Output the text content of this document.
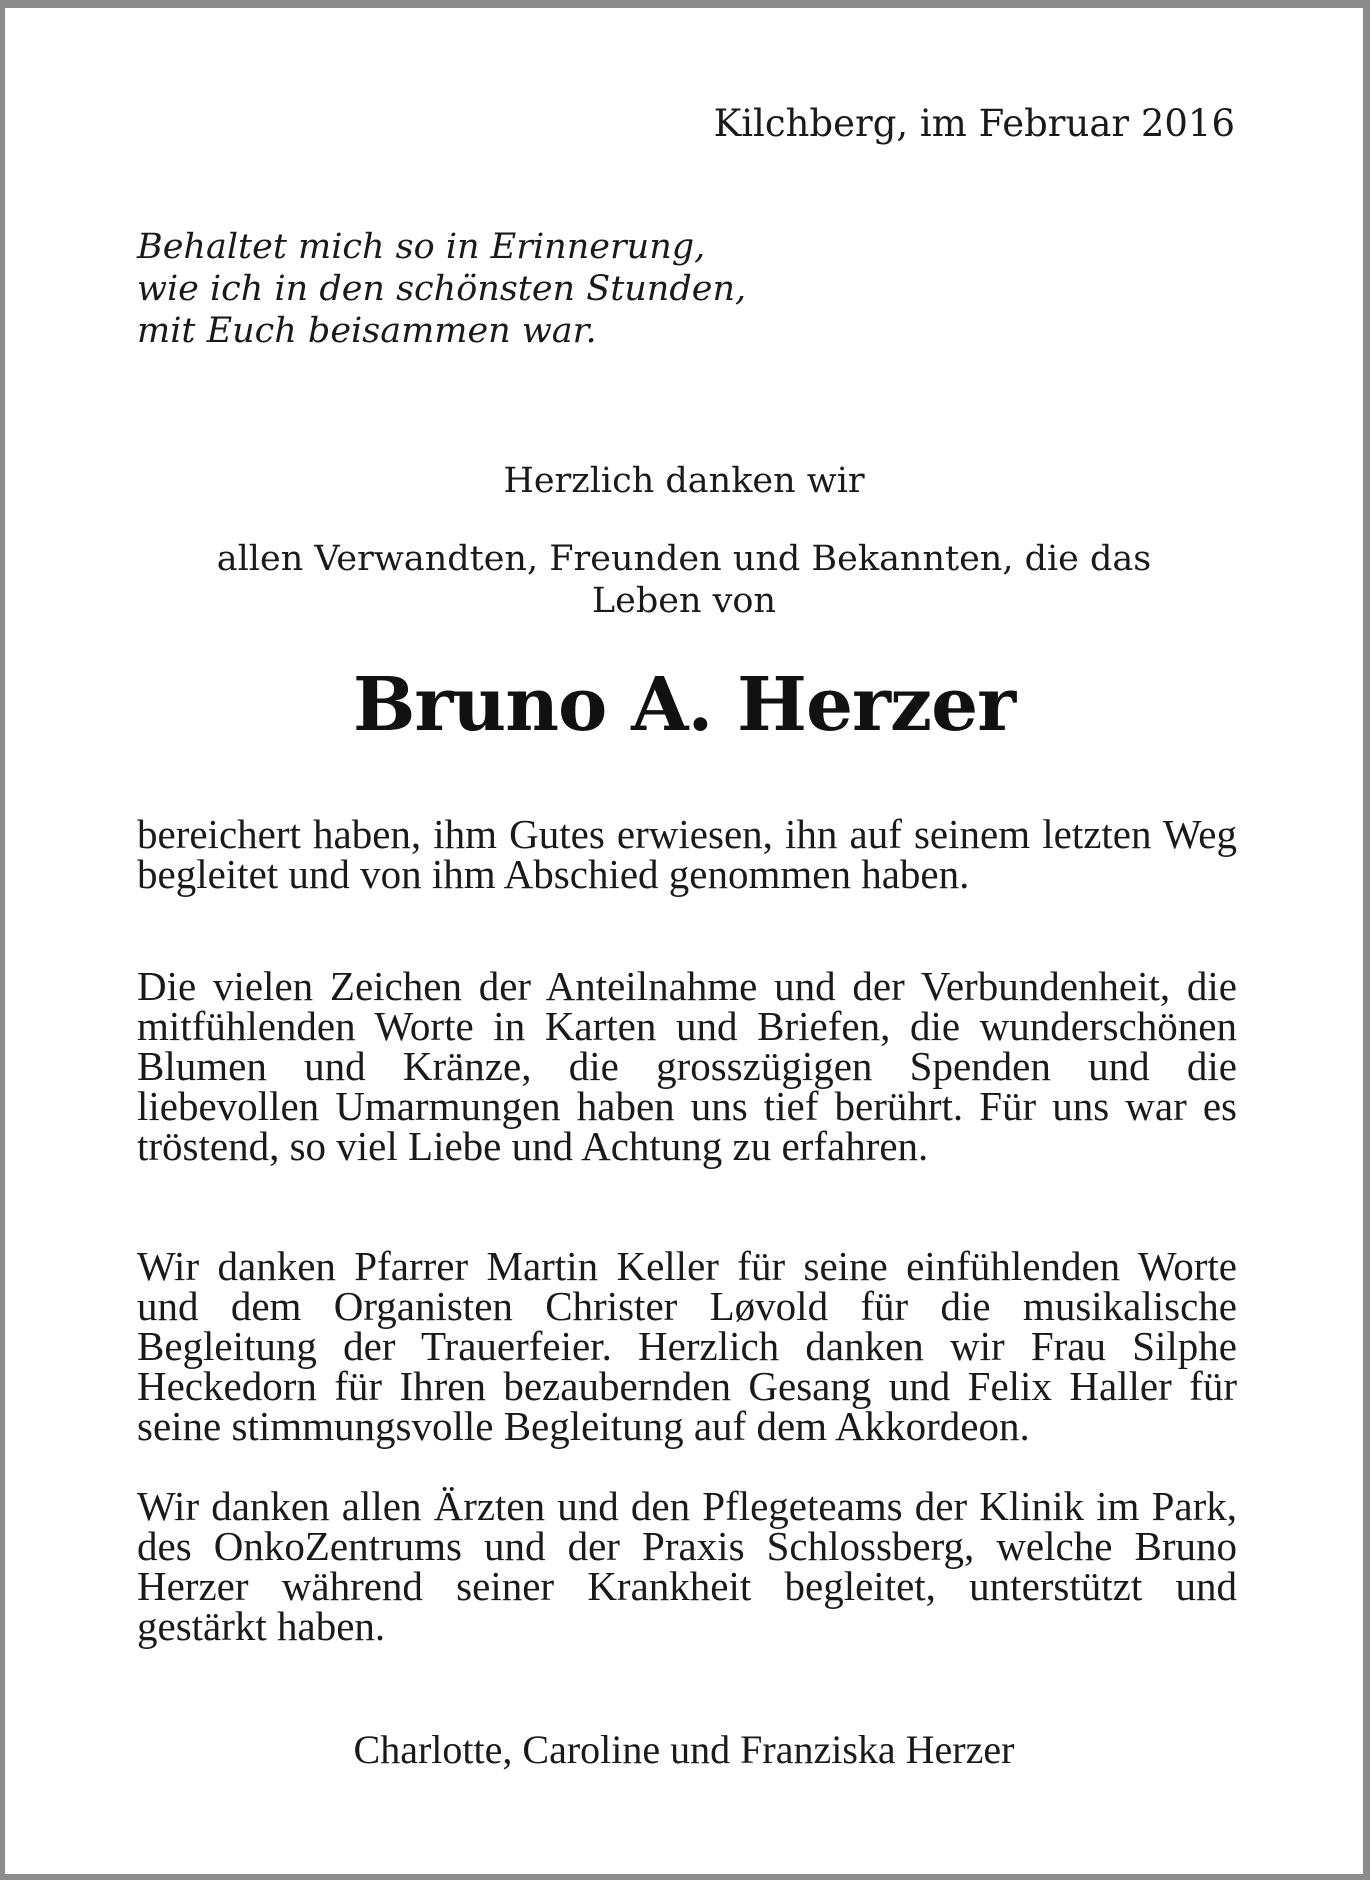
Kilchberg, im Februar 2016
Behaltet mich so in Erinnerung,
wie ich in den schönsten Stunden,
mit Euch beisammen war.
Herzlich danken wir
allen Verwandten, Freunden und Bekannten, die das Leben von
Bruno A. Herzer

bereichert haben, ihm Gutes erwiesen, ihn auf seinem letzten Weg begleitet und von ihm Abschied genommen haben.

Die vielen Zeichen der Anteilnahme und der Verbundenheit, die mitfühlenden Worte in Karten und Briefen, die wunderschönen Blumen und Kränze, die grosszügigen Spenden und die liebevollen Umarmungen haben uns tief berührt. Für uns war es tröstend, so viel Liebe und Achtung zu erfahren.

Wir danken Pfarrer Martin Keller für seine einfühlenden Worte und dem Organisten Christer Løvold für die musikalische Begleitung der Trauerfeier. Herzlich danken wir Frau Silphe Heckedorn für Ihren bezaubernden Gesang und Felix Haller für seine stimmungsvolle Begleitung auf dem Akkordeon.

Wir danken allen Ärzten und den Pflegeteams der Klinik im Park, des OnkoZentrums und der Praxis Schlossberg, welche Bruno Herzer während seiner Krankheit begleitet, unterstützt und gestärkt haben.

Charlotte, Caroline und Franziska Herzer
